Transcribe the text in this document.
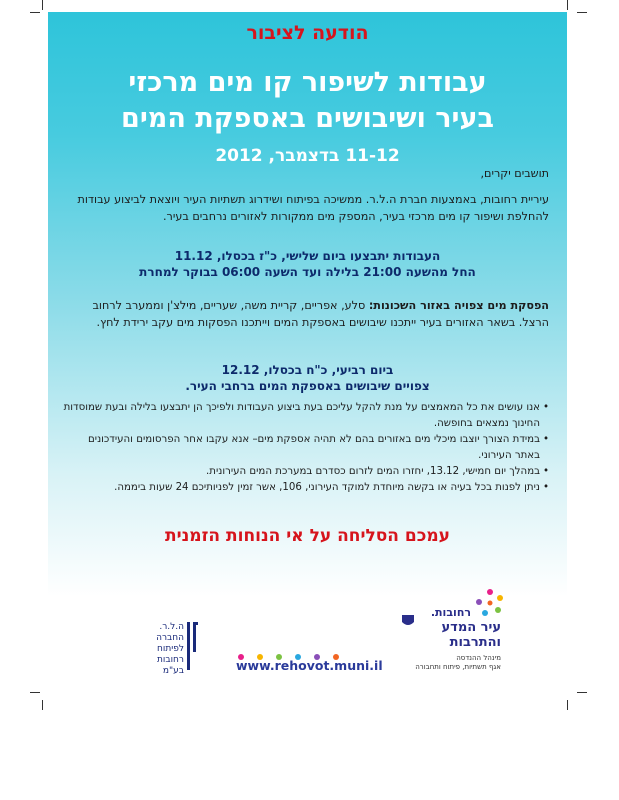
הודעה לציבור
עבודות לשיפור קו מים מרכזי
בעיר ושיבושים באספקת המים
11-12 בדצמבר, 2012
תושבים יקרים,
עיריית רחובות, באמצעות חברת ה.ל.ר. ממשיכה בפיתוח ושידרוג תשתיות העיר ויוצאת לביצוע עבודות להחלפת ושיפור קו מים מרכזי בעיר, המספק מים ממקורות לאזורים נרחבים בעיר.
העבודות יתבצעו ביום שלישי, כ"ז בכסלו, 11.12
החל מהשעה 21:00 בלילה ועד השעה 06:00 בבוקר למחרת
הפסקת מים צפויה באזור השכונות: סלע, אפריים, קריית משה, שעריים, מילצ'ן וממערב לרחוב הרצל. בשאר האזורים בעיר ייתכנו שיבושים באספקת המים וייתכנו הפסקות מים עקב ירידת לחץ.
ביום רביעי, כ"ח בכסלו, 12.12
צפויים שיבושים באספקת המים ברחבי העיר.
• אנו עושים את כל המאמצים על מנת להקל עליכם בעת ביצוע העבודות ולפיכך הן יתבצעו בלילה ובעת שמוסדות החינוך נמצאים בחופשה.
• במידת הצורך יוצבו מיכלי מים באזורים בהם לא תהיה אספקת מים– אנא עקבו אחר הפרסומים והעידכונים באתר העירוני.
• במהלך יום חמישי, 13.12, יחזרו המים לזרום כסדרם במערכת המים העירונית.
• ניתן לפנות בכל בעיה או בקשה מיוחדת למוקד העירוני, 106, אשר זמין לפניותיכם 24 שעות ביממה.
עמכם הסליחה על אי הנוחות הזמנית
ה.ל.ר.
החברה
לפיתוח
רחובות בע"מ
	www.rehovot.muni.il
רחובות.
עיר המדע
והתרבות
מינהל ההנדסה
אגף תשתיות, פיתוח ותחבורה
